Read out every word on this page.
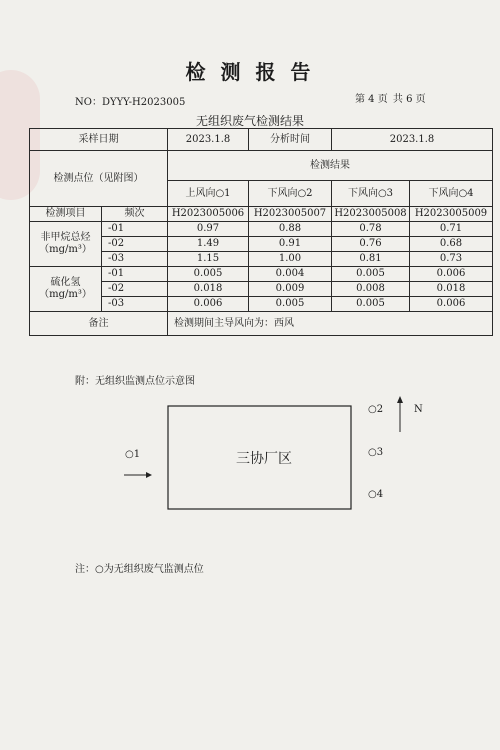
检 测 报 告
NO：DYYY-H2023005	第 4 页 共 6 页
无组织废气检测结果
采样日期		2023.1.8	分析时间	2023.1.8	
检测点位（见附图）		检测结果			
		上风向○1	下风向○2	下风向○3	下风向○4
检测项目	频次	H2023005006	H2023005007	H2023005008	H2023005009
非甲烷总烃（mg/m³）	-01	0.97	0.88	0.78	0.71
	-02	1.49	0.91	0.76	0.68
	-03	1.15	1.00	0.81	0.73
硫化氢（mg/m³）	-01	0.005	0.004	0.005	0.006
	-02	0.018	0.009	0.008	0.018
	-03	0.006	0.005	0.005	0.006
备注		检测期间主导风向为：西风			
附：无组织监测点位示意图
三协厂区
○1
○2
○3
○4
N
注：○为无组织废气监测点位
